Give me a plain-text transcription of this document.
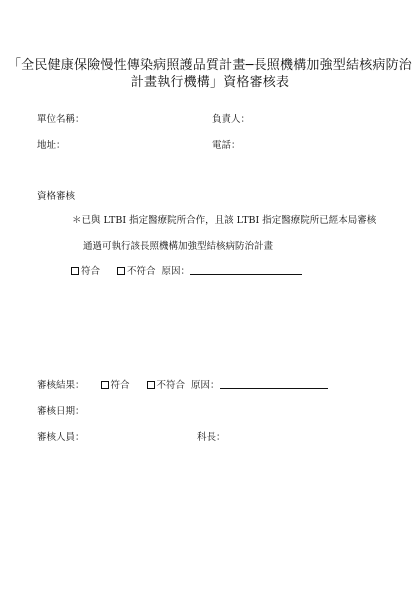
「全民健康保險慢性傳染病照護品質計畫─長照機構加強型結核病防治
計畫執行機構」資格審核表
單位名稱：	負責人：
地址：	電話：
資格審核
＊已與 LTBI 指定醫療院所合作，且該 LTBI 指定醫療院所已經本局審核
通過可執行該長照機構加強型結核病防治計畫
符合	不符合 原因：
審核結果：	符合	不符合 原因：
審核日期：
審核人員：	科長：
